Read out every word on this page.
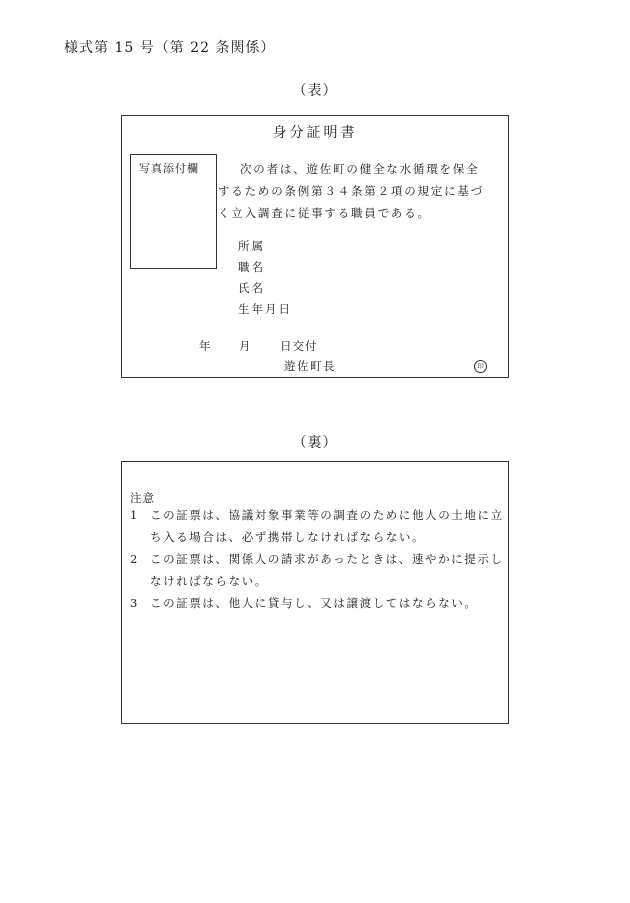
様式第 15 号（第 22 条関係）
（表）
身分証明書
写真添付欄	次の者は、遊佐町の健全な水循環を保全
するための条例第３４条第２項の規定に基づ
く立入調査に従事する職員である。
所属
職名
氏名
生年月日
年 月 日交付
遊佐町長	印
（裏）
注意
1 この証票は、協議対象事業等の調査のために他人の土地に立ち入る場合は、必ず携帯しなければならない。
2 この証票は、関係人の請求があったときは、速やかに提示しなければならない。
3 この証票は、他人に貸与し、又は譲渡してはならない。
